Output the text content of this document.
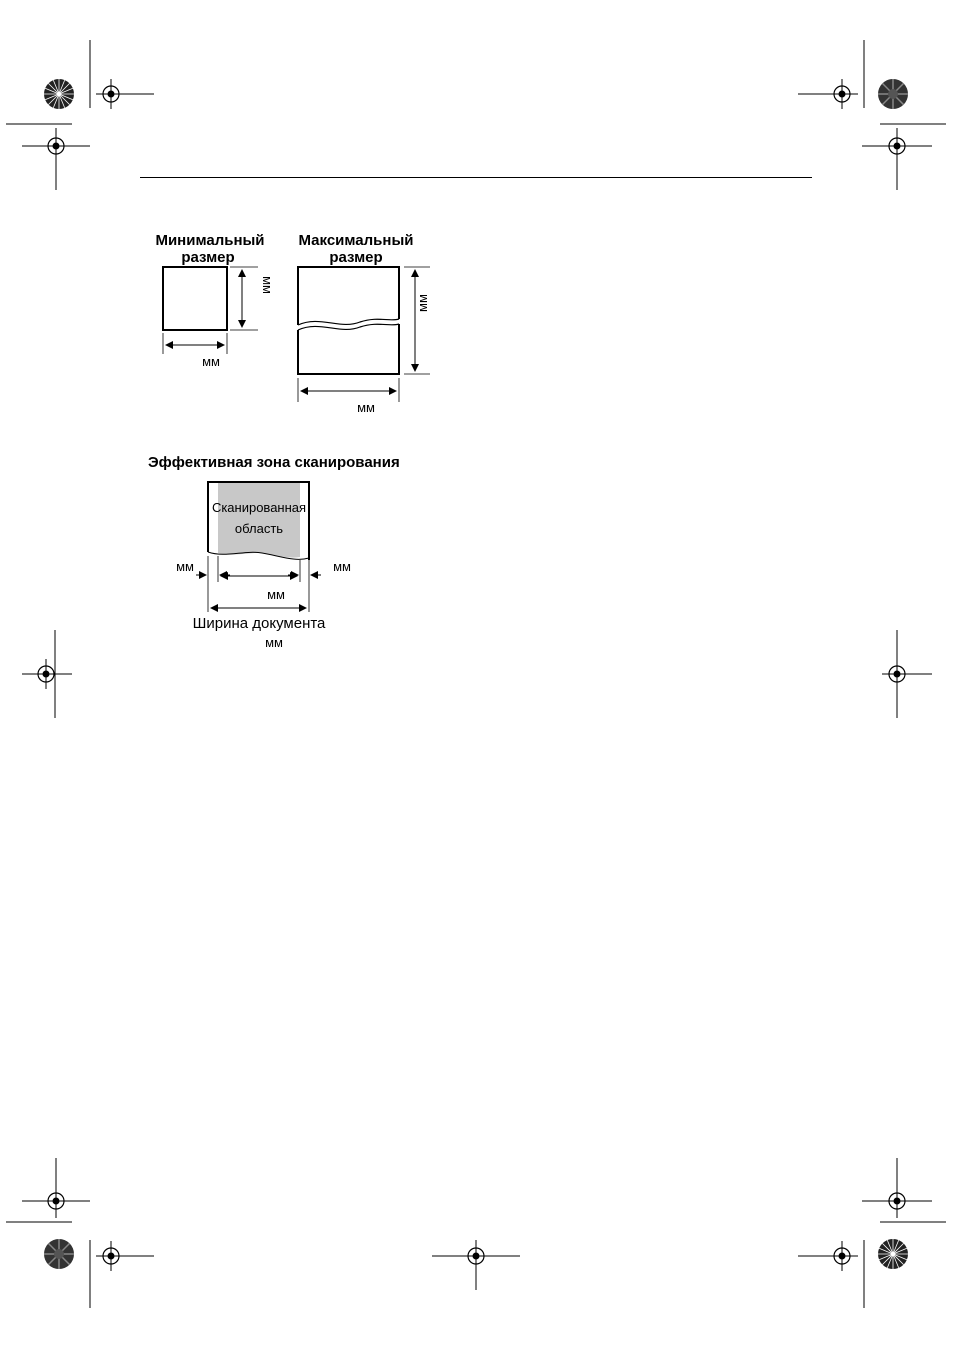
Минимальный
размер
мм
мм
Максимальный
размер
мм
мм
Эффективная зона сканирования
Сканированная
область
мм	мм
мм
Ширина документа
мм
